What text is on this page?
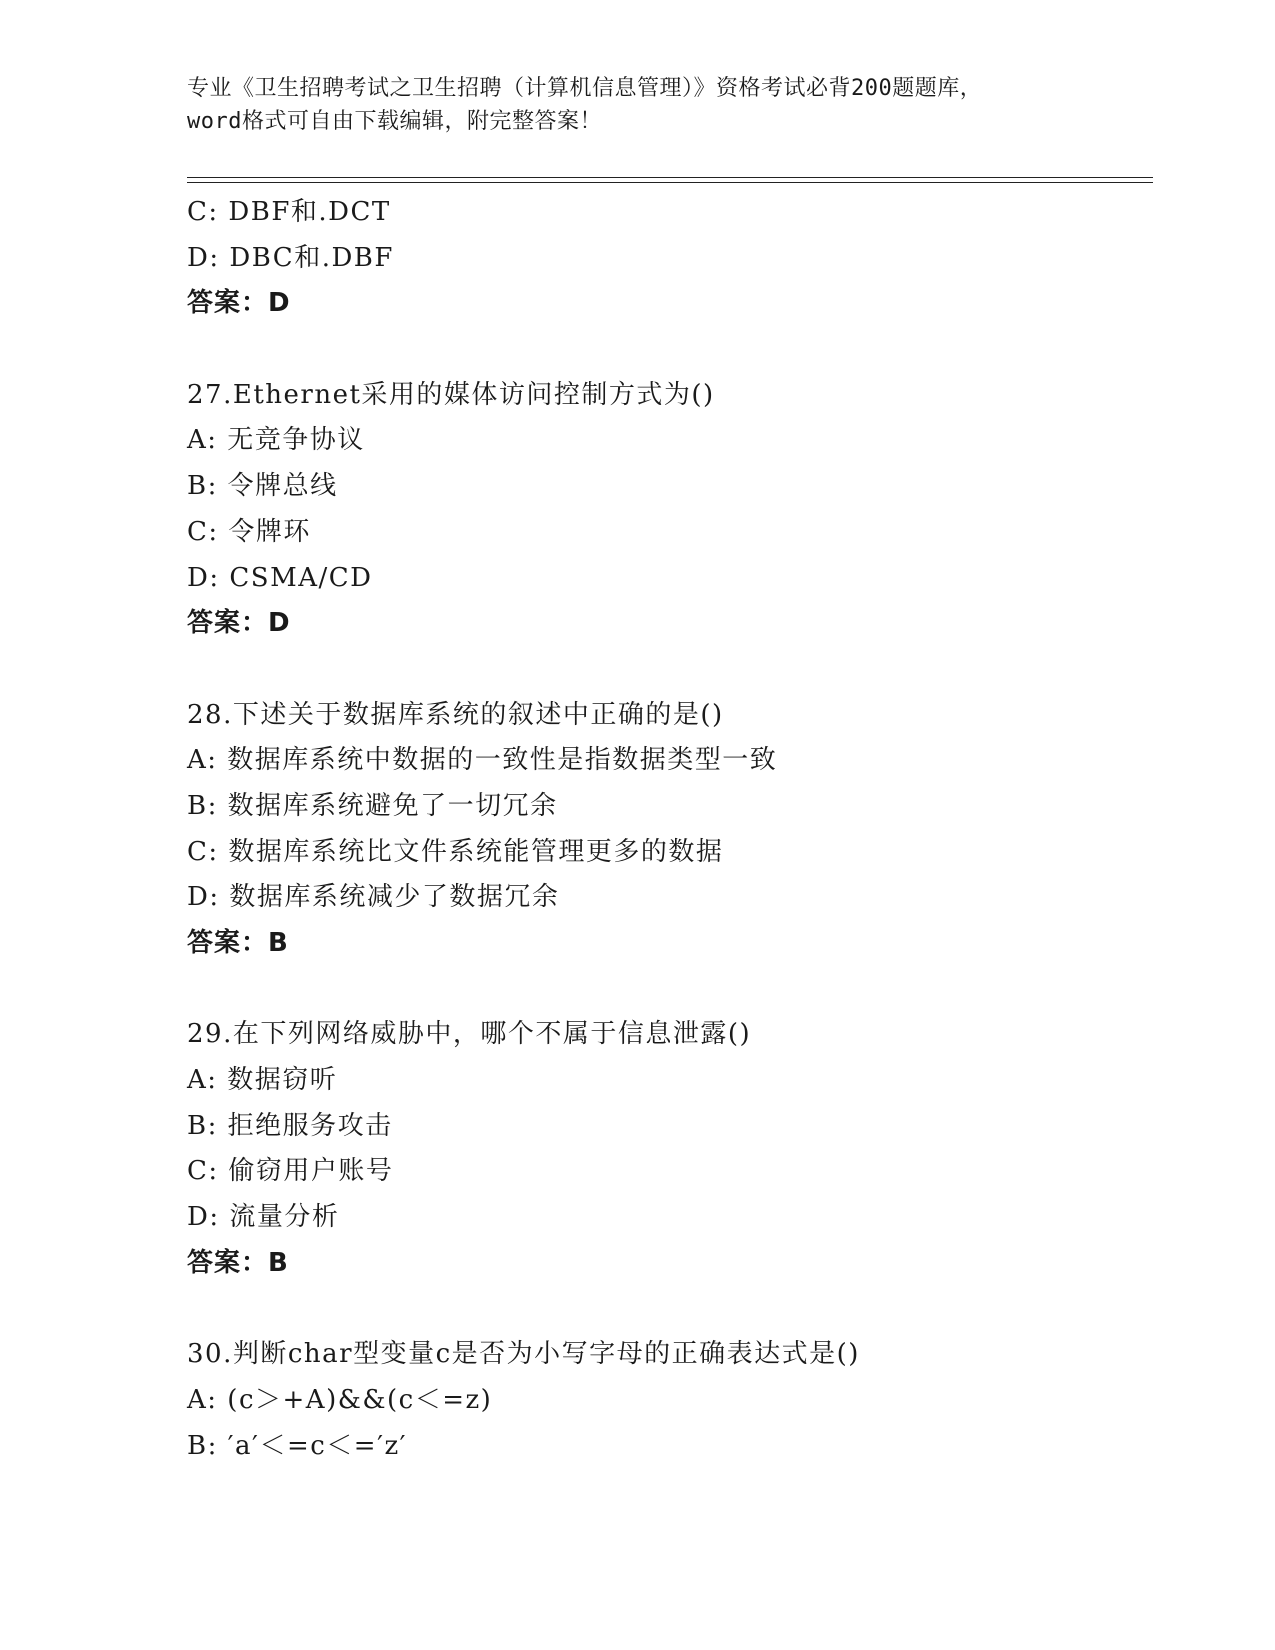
专业《卫生招聘考试之卫生招聘（计算机信息管理）》资格考试必背200题题库，
word格式可自由下载编辑，附完整答案！
C: DBF和.DCT
D: DBC和.DBF
答案：D
27.Ethernet采用的媒体访问控制方式为()
A: 无竞争协议
B: 令牌总线
C: 令牌环
D: CSMA/CD
答案：D
28.下述关于数据库系统的叙述中正确的是()
A: 数据库系统中数据的一致性是指数据类型一致
B: 数据库系统避免了一切冗余
C: 数据库系统比文件系统能管理更多的数据
D: 数据库系统减少了数据冗余
答案：B
29.在下列网络威胁中，哪个不属于信息泄露()
A: 数据窃听
B: 拒绝服务攻击
C: 偷窃用户账号
D: 流量分析
答案：B
30.判断char型变量c是否为小写字母的正确表达式是()
A: (c＞+A)&&(c＜=z)
B: ′a′＜=c＜=′z′
